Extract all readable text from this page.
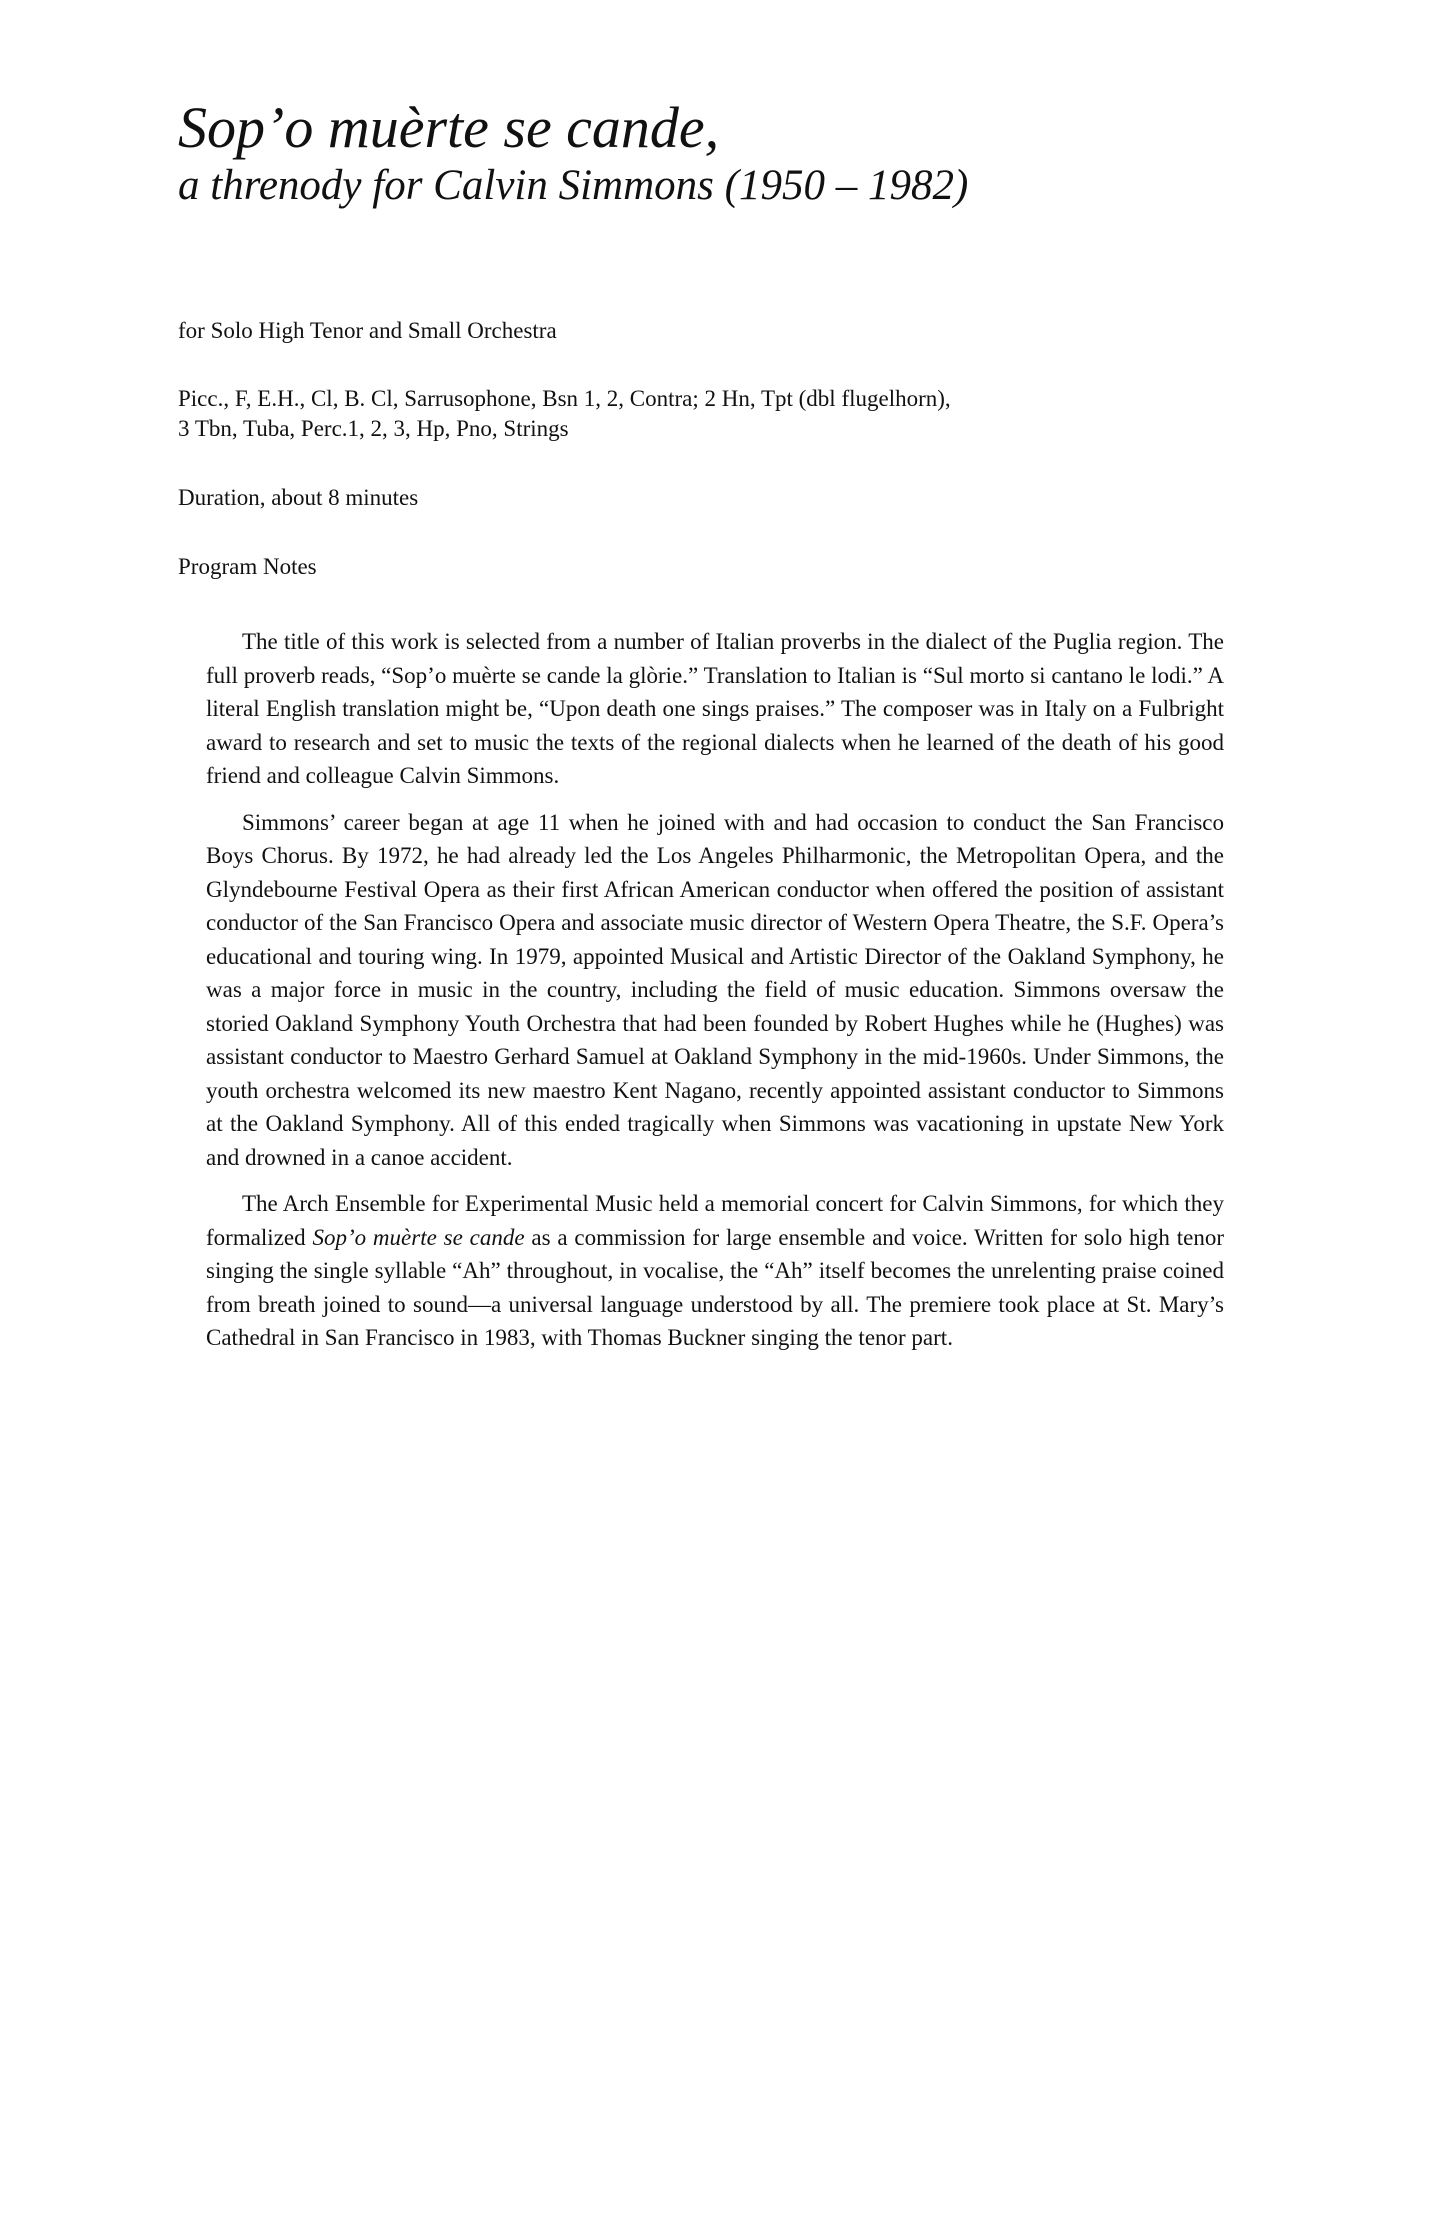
Sop’o muèrte se cande,
a threnody for Calvin Simmons (1950 – 1982)

for Solo High Tenor and Small Orchestra

Picc., F, E.H., Cl, B. Cl, Sarrusophone, Bsn 1, 2, Contra; 2 Hn, Tpt (dbl flugelhorn),

3 Tbn, Tuba, Perc.1, 2, 3, Hp, Pno, Strings

Duration, about 8 minutes

Program Notes

The title of this work is selected from a number of Italian proverbs in the dialect of the Puglia region. The full proverb reads, “Sop’o muèrte se cande la glòrie.” Translation to Italian is “Sul morto si cantano le lodi.” A literal English translation might be, “Upon death one sings praises.” The composer was in Italy on a Fulbright award to research and set to music the texts of the regional dialects when he learned of the death of his good friend and colleague Calvin Simmons.

Simmons’ career began at age 11 when he joined with and had occasion to conduct the San Francisco Boys Chorus. By 1972, he had already led the Los Angeles Philharmonic, the Metropolitan Opera, and the Glyndebourne Festival Opera as their first African American conductor when offered the position of assistant conductor of the San Francisco Opera and associate music director of Western Opera Theatre, the S.F. Opera’s educational and touring wing. In 1979, appointed Musical and Artistic Director of the Oakland Symphony, he was a major force in music in the country, including the field of music education. Simmons oversaw the storied Oakland Symphony Youth Orchestra that had been founded by Robert Hughes while he (Hughes) was assistant conductor to Maestro Gerhard Samuel at Oakland Symphony in the mid-1960s. Under Simmons, the youth orchestra welcomed its new maestro Kent Nagano, recently appointed assistant conductor to Simmons at the Oakland Symphony. All of this ended tragically when Simmons was vacationing in upstate New York and drowned in a canoe accident.

The Arch Ensemble for Experimental Music held a memorial concert for Calvin Simmons, for which they formalized Sop’o muèrte se cande as a commission for large ensemble and voice. Written for solo high tenor singing the single syllable “Ah” throughout, in vocalise, the “Ah” itself becomes the unrelenting praise coined from breath joined to sound—a universal language understood by all. The premiere took place at St. Mary’s Cathedral in San Francisco in 1983, with Thomas Buckner singing the tenor part.
